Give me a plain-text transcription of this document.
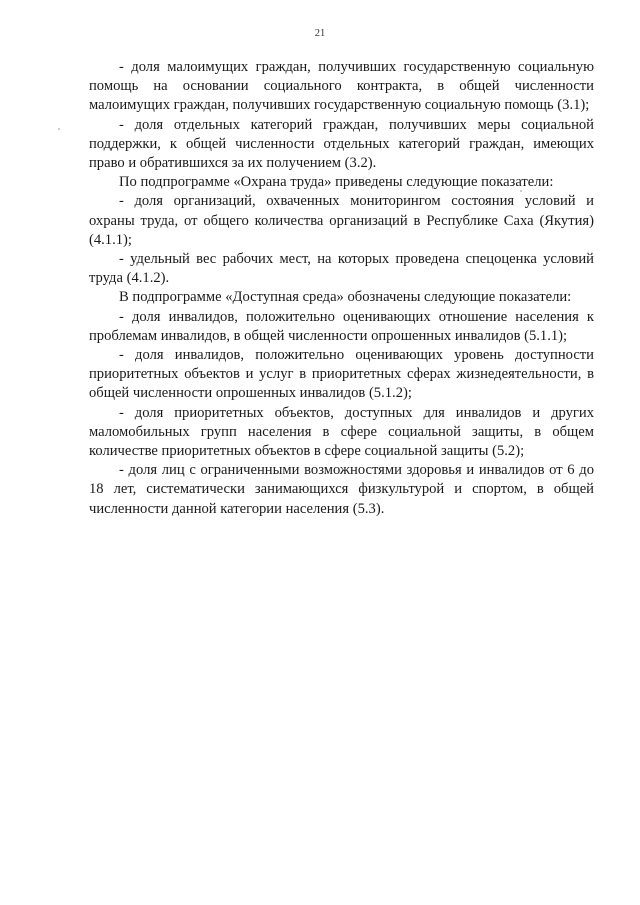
21

- доля малоимущих граждан, получивших государственную социальную помощь на основании социального контракта, в общей численности малоимущих граждан, получивших государственную социальную помощь (3.1);

- доля отдельных категорий граждан, получивших меры социальной поддержки, к общей численности отдельных категорий граждан, имеющих право и обратившихся за их получением (3.2).

По подпрограмме «Охрана труда» приведены следующие показатели:

- доля организаций, охваченных мониторингом состояния условий и охраны труда, от общего количества организаций в Республике Саха (Якутия) (4.1.1);

- удельный вес рабочих мест, на которых проведена спецоценка условий труда (4.1.2).

В подпрограмме «Доступная среда» обозначены следующие показатели:

- доля инвалидов, положительно оценивающих отношение населения к проблемам инвалидов, в общей численности опрошенных инвалидов (5.1.1);

- доля инвалидов, положительно оценивающих уровень доступности приоритетных объектов и услуг в приоритетных сферах жизнедеятельности, в общей численности опрошенных инвалидов (5.1.2);

- доля приоритетных объектов, доступных для инвалидов и других маломобильных групп населения в сфере социальной защиты, в общем количестве приоритетных объектов в сфере социальной защиты (5.2);

- доля лиц с ограниченными возможностями здоровья и инвалидов от 6 до 18 лет, систематически занимающихся физкультурой и спортом, в общей численности данной категории населения (5.3).
